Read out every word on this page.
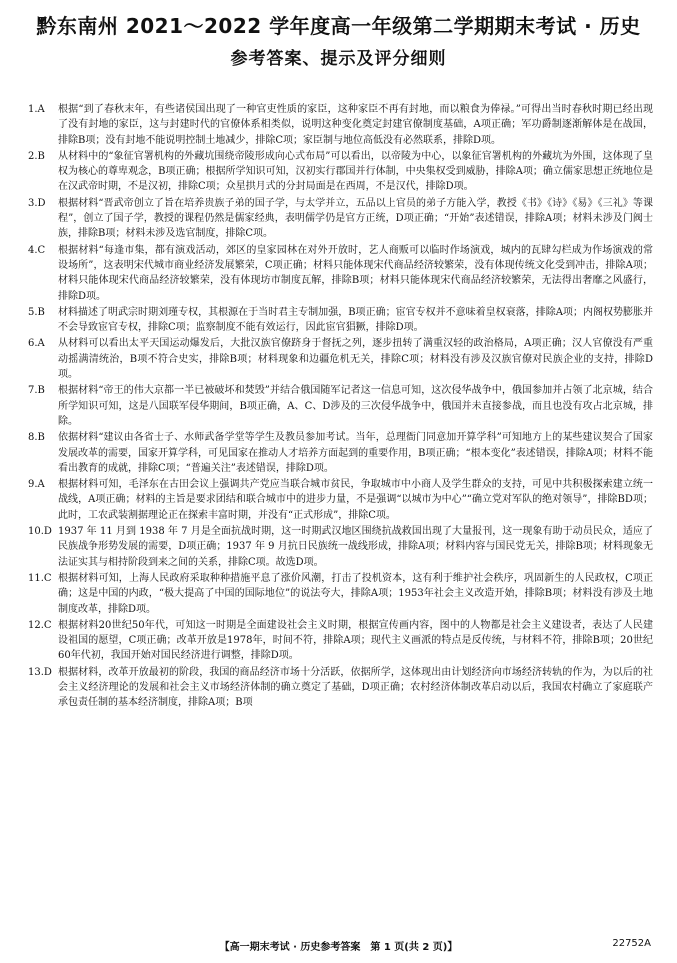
黔东南州 2021～2022 学年度高一年级第二学期期末考试 · 历史
参考答案、提示及评分细则
1.A	根据“到了春秋末年，有些诸侯国出现了一种官吏性质的家臣，这种家臣不再有封地，而以粮食为俸禄。”可得出当时春秋时期已经出现了没有封地的家臣，这与封建时代的官僚体系相类似，说明这种变化奠定封建官僚制度基础，A项正确；军功爵制逐渐解体是在战国，排除B项；没有封地不能说明控制土地减少，排除C项；家臣制与地位高低没有必然联系，排除D项。
2.B	从材料中的“象征官署机构的外藏坑围绕帝陵形成向心式布局”可以看出，以帝陵为中心，以象征官署机构的外藏坑为外围，这体现了皇权为核心的尊卑观念，B项正确；根据所学知识可知，汉初实行郡国并行体制，中央集权受到威胁，排除A项；确立儒家思想正统地位是在汉武帝时期，不是汉初，排除C项；众星拱月式的分封局面是在西周，不是汉代，排除D项。
3.D	根据材料“晋武帝创立了旨在培养贵族子弟的国子学，与太学并立，五品以上官员的弟子方能入学，教授《书》《诗》《易》《三礼》等课程”，创立了国子学，教授的课程仍然是儒家经典，表明儒学仍是官方正统，D项正确；“开始”表述错误，排除A项；材料未涉及门阀士族，排除B项；材料未涉及选官制度，排除C项。
4.C	根据材料“每逢市集，都有演戏活动，郊区的皇家园林在对外开放时，艺人商贩可以临时作场演戏，城内的瓦肆勾栏成为作场演戏的常设场所”，这表明宋代城市商业经济发展繁荣，C项正确；材料只能体现宋代商品经济较繁荣，没有体现传统文化受到冲击，排除A项；材料只能体现宋代商品经济较繁荣，没有体现坊市制度瓦解，排除B项；材料只能体现宋代商品经济较繁荣，无法得出奢靡之风盛行，排除D项。
5.B	材料描述了明武宗时期刘瑾专权，其根源在于当时君主专制加强，B项正确；宦官专权并不意味着皇权衰落，排除A项；内阁权势膨胀并不会导致宦官专权，排除C项；监察制度不能有效运行，因此宦官猖獗，排除D项。
6.A	从材料可以看出太平天国运动爆发后，大批汉族官僚跻身于督抚之列，逐步扭转了满重汉轻的政治格局，A项正确；汉人官僚没有严重动摇满清统治，B项不符合史实，排除B项；材料现象和边疆危机无关，排除C项；材料没有涉及汉族官僚对民族企业的支持，排除D项。
7.B	根据材料“帝王的伟大京都一半已被破坏和焚毁”并结合俄国随军记者这一信息可知，这次侵华战争中，俄国参加并占领了北京城，结合所学知识可知，这是八国联军侵华期间，B项正确，A、C、D涉及的三次侵华战争中，俄国并未直接参战，而且也没有攻占北京城，排除。
8.B	依据材料“建议由各省士子、水师武备学堂等学生及教员参加考试。当年，总理衙门同意加开算学科”可知地方上的某些建议契合了国家发展改革的需要，国家开算学科，可见国家在推动人才培养方面起到的重要作用，B项正确；“根本变化”表述错误，排除A项；材料不能看出教育的成就，排除C项；“普遍关注”表述错误，排除D项。
9.A	根据材料可知，毛泽东在古田会议上强调共产党应当联合城市贫民，争取城市中小商人及学生群众的支持，可见中共积极探索建立统一战线，A项正确；材料的主旨是要求团结和联合城市中的进步力量，不是强调“以城市为中心”“确立党对军队的绝对领导”，排除BD项；此时，工农武装割据理论正在探索丰富时期，并没有“正式形成”，排除C项。
10.D 1937 年 11 月到 1938 年 7 月是全面抗战时期，这一时期武汉地区围绕抗战救国出现了大量报刊，这一现象有助于动员民众，适应了民族战争形势发展的需要，D项正确；1937 年 9 月抗日民族统一战线形成，排除A项；材料内容与国民党无关，排除B项；材料现象无法证实其与相持阶段到来之间的关系，排除C项。故选D项。
11.C 根据材料可知，上海人民政府采取种种措施平息了涨价风潮，打击了投机资本，这有利于维护社会秩序，巩固新生的人民政权，C项正确；这是中国的内政，“极大提高了中国的国际地位”的说法夸大，排除A项；1953年社会主义改造开始，排除B项；材料没有涉及土地制度改革，排除D项。
12.C 根据材料20世纪50年代，可知这一时期是全面建设社会主义时期，根据宣传画内容，图中的人物都是社会主义建设者，表达了人民建设祖国的愿望，C项正确；改革开放是1978年，时间不符，排除A项；现代主义画派的特点是反传统，与材料不符，排除B项；20世纪60年代初，我国开始对国民经济进行调整，排除D项。
13.D 根据材料，改革开放最初的阶段，我国的商品经济市场十分活跃，依据所学，这体现出由计划经济向市场经济转轨的作为，为以后的社会主义经济理论的发展和社会主义市场经济体制的确立奠定了基础，D项正确；农村经济体制改革启动以后，我国农村确立了家庭联产承包责任制的基本经济制度，排除A项；B项
【高一期末考试 · 历史参考答案　第 1 页(共 2 页)】	22752A
